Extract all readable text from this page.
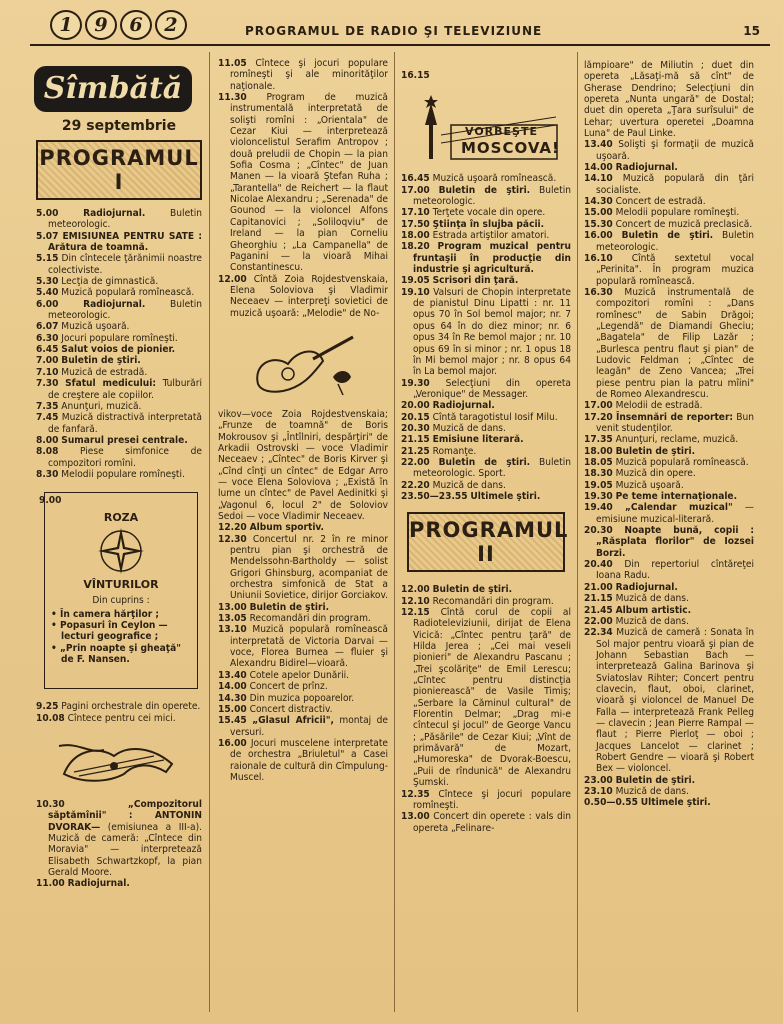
1	9	6	2	PROGRAMUL DE RADIO ŞI TELEVIZIUNE	15
Sîmbătă
29 septembrie
PROGRAMUL I

5.00 Radiojurnal. Buletin meteorologic.

5.07 EMISIUNEA PENTRU SATE : Arătura de toamnă.

5.15 Din cîntecele ţărănimii noastre colectiviste.

5.30 Lecţia de gimnastică.

5.40 Muzică populară romînească.

6.00 Radiojurnal. Buletin meteorologic.

6.07 Muzică uşoară.

6.30 Jocuri populare romîneşti.

6.45 Salut voios de pionier.

7.00 Buletin de ştiri.

7.10 Muzică de estradă.

7.30 Sfatul medicului: Tulburări de creştere ale copiilor.

7.35 Anunţuri, muzică.

7.45 Muzică distractivă interpretată de fanfară.

8.00 Sumarul presei centrale.

8.08 Piese simfonice de compozitori romîni.

8.30 Melodii populare romîneşti.

9.00
ROZA
VÎNTURILOR
Din cuprins :
• În camera hărţilor ;
• Popasuri în Ceylon — lecturi geografice ;
• „Prin noapte şi gheaţă" de F. Nansen.

9.25 Pagini orchestrale din operete.

10.08 Cîntece pentru cei mici.

10.30	„Compozitorul săptămînii" : ANTONIN DVORAK— (emisiunea a III-a). Muzică de cameră: „Cîntece din Moravia" — interpretează Elisabeth Schwartzkopf, la pian Gerald Moore.

11.00 Radiojurnal.

11.05 Cîntece şi jocuri populare romîneşti şi ale minorităţilor naţionale.

11.30 Program de muzică instrumentală interpretată de solişti romîni : „Orientala" de Cezar Kiui — interpretează violoncelistul Serafim Antropov ; două preludii de Chopin — la pian Sofia Cosma ; „Cîntec" de Juan Manen — la vioară Ştefan Ruha ; „Tarantella" de Reichert — la flaut Nicolae Alexandru ; „Serenada" de Gounod — la violoncel Alfons Capitanovici ; „Soliloqviu" de Ireland — la pian Corneliu Gheorghiu ; „La Campanella" de Paganini — la vioară Mihai Constantinescu.

12.00 Cîntă Zoia Rojdestvenskaia, Elena Soloviova şi Vladimir Neceaev — interpreţi sovietici de muzică uşoară: „Melodie" de No-

vikov—voce Zoia Rojdestvenskaia; „Frunze de toamnă" de Boris Mokrousov şi „Întîlniri, despărţiri" de Arkadii Ostrovski — voce Vladimir Neceaev ; „Cîntec" de Boris Kirver şi „Cînd cînţi un cîntec" de Edgar Arro — voce Elena Soloviova ; „Există în lume un cîntec" de Pavel Aedinitki şi „Vagonul 6, locul 2" de Soloviov Sedoi — voce Vladimir Neceaev.

12.20 Album sportiv.

12.30 Concertul nr. 2 în re minor pentru pian şi orchestră de Mendelssohn-Bartholdy — solist Grigori Ghinsburg, acompaniat de orchestra simfonică de Stat a Uniunii Sovietice, dirijor Gorciakov.

13.00 Buletin de ştiri.

13.05 Recomandări din program.

13.10 Muzică populară romînească interpretată de Victoria Darvai — voce, Florea Burnea — fluier şi Alexandru Bidirel—vioară.

13.40 Cotele apelor Dunării.

14.00 Concert de prînz.

14.30 Din muzica popoarelor.

15.00 Concert distractiv.

15.45 „Glasul Africii", montaj de versuri.

16.00 Jocuri muscelene interpretate de orchestra „Briuletul" a Casei raionale de cultură din Cîmpulung-Muscel.

16.15
VORBEŞTE
MOSCOVA!

16.45 Muzică uşoară romînească.

17.00 Buletin de ştiri. Buletin meteorologic.

17.10 Terţete vocale din opere.

17.50 Ştiinţa în slujba păcii.

18.00 Estrada artiştilor amatori.

18.20 Program muzical pentru fruntaşii în producţie din industrie şi agricultură.

19.05 Scrisori din ţară.

19.10 Valsuri de Chopin interpretate de pianistul Dinu Lipatti : nr. 11 opus 70 în Sol bemol major; nr. 7 opus 64 în do diez minor; nr. 6 opus 34 în Re bemol major ; nr. 10 opus 69 în si minor ; nr. 1 opus 18 în Mi bemol major ; nr. 8 opus 64 în La bemol major.

19.30 Selecţiuni din opereta „Veronique" de Messager.

20.00 Radiojurnal.

20.15 Cîntă taragotistul Iosif Milu.

20.30 Muzică de dans.

21.15 Emisiune literară.

21.25 Romanţe.

22.00 Buletin de ştiri. Buletin meteorologic. Sport.

22.20 Muzică de dans.

23.50—23.55 Ultimele ştiri.

PROGRAMUL II

12.00 Buletin de ştiri.

12.10 Recomandări din program.

12.15 Cîntă corul de copii al Radioteleviziunii, dirijat de Elena Vicică: „Cîntec pentru ţară" de Hilda Jerea ; „Cei mai veseli pionieri" de Alexandru Pascanu ; „Trei şcolăriţe" de Emil Lerescu; „Cîntec pentru distincţia pionierească" de Vasile Timiş; „Serbare la Căminul cultural" de Florentin Delmar; „Drag mi-e cîntecul şi jocul" de George Vancu ; „Păsările" de Cezar Kiui; „Vînt de primăvară" de Mozart, „Humoreska" de Dvorak-Boescu, „Puii de rîndunică" de Alexandru Şumski.

12.35 Cîntece şi jocuri populare romîneşti.

13.00 Concert din operete : vals din opereta „Felinare-

lămpioare" de Miliutin ; duet din opereta „Lăsaţi-mă să cînt" de Gherase Dendrino; Selecţiuni din opereta „Nunta ungară" de Dostal; duet din opereta „Ţara surîsului" de Lehar; uvertura operetei „Doamna Luna" de Paul Linke.

13.40 Solişti şi formaţii de muzică uşoară.

14.00 Radiojurnal.

14.10 Muzică populară din ţări socialiste.

14.30 Concert de estradă.

15.00 Melodii populare romîneşti.

15.30 Concert de muzică preclasică.

16.00 Buletin de ştiri. Buletin meteorologic.

16.10 Cîntă sextetul vocal „Perinita". În program muzica populară romînească.

16.30 Muzică instrumentală de compozitori romîni : „Dans romînesc" de Sabin Drăgoi; „Legendă" de Diamandi Gheciu; „Bagatela" de Filip Lazăr ; „Burlesca pentru flaut şi pian" de Ludovic Feldman ; „Cîntec de leagăn" de Zeno Vancea; „Trei piese pentru pian la patru mîini" de Romeo Alexandrescu.

17.00 Melodii de estradă.

17.20 Însemnări de reporter: Bun venit studenţilor.

17.35 Anunţuri, reclame, muzică.

18.00 Buletin de ştiri.

18.05 Muzică populară romînească.

18.30 Muzică din opere.

19.05 Muzică uşoară.

19.30 Pe teme internaţionale.

19.40 „Calendar muzical" — emisiune muzical-literară.

20.30 Noapte bună, copii : „Răsplata florilor" de Iozsei Borzi.

20.40 Din repertoriul cîntăreţei Ioana Radu.

21.00 Radiojurnal.

21.15 Muzică de dans.

21.45 Album artistic.

22.00 Muzică de dans.

22.34 Muzică de cameră : Sonata în Sol major pentru vioară şi pian de Johann Sebastian Bach — interpretează Galina Barinova şi Sviatoslav Rihter; Concert pentru clavecin, flaut, oboi, clarinet, vioară şi violoncel de Manuel De Falla — interpretează Frank Pelleg — clavecin ; Jean Pierre Rampal — flaut ; Pierre Pierloţ — oboi ; Jacques Lancelot — clarinet ; Robert Gendre — vioară şi Robert Bex — violoncel.

23.00 Buletin de ştiri.

23.10 Muzică de dans.

0.50—0.55 Ultimele ştiri.
